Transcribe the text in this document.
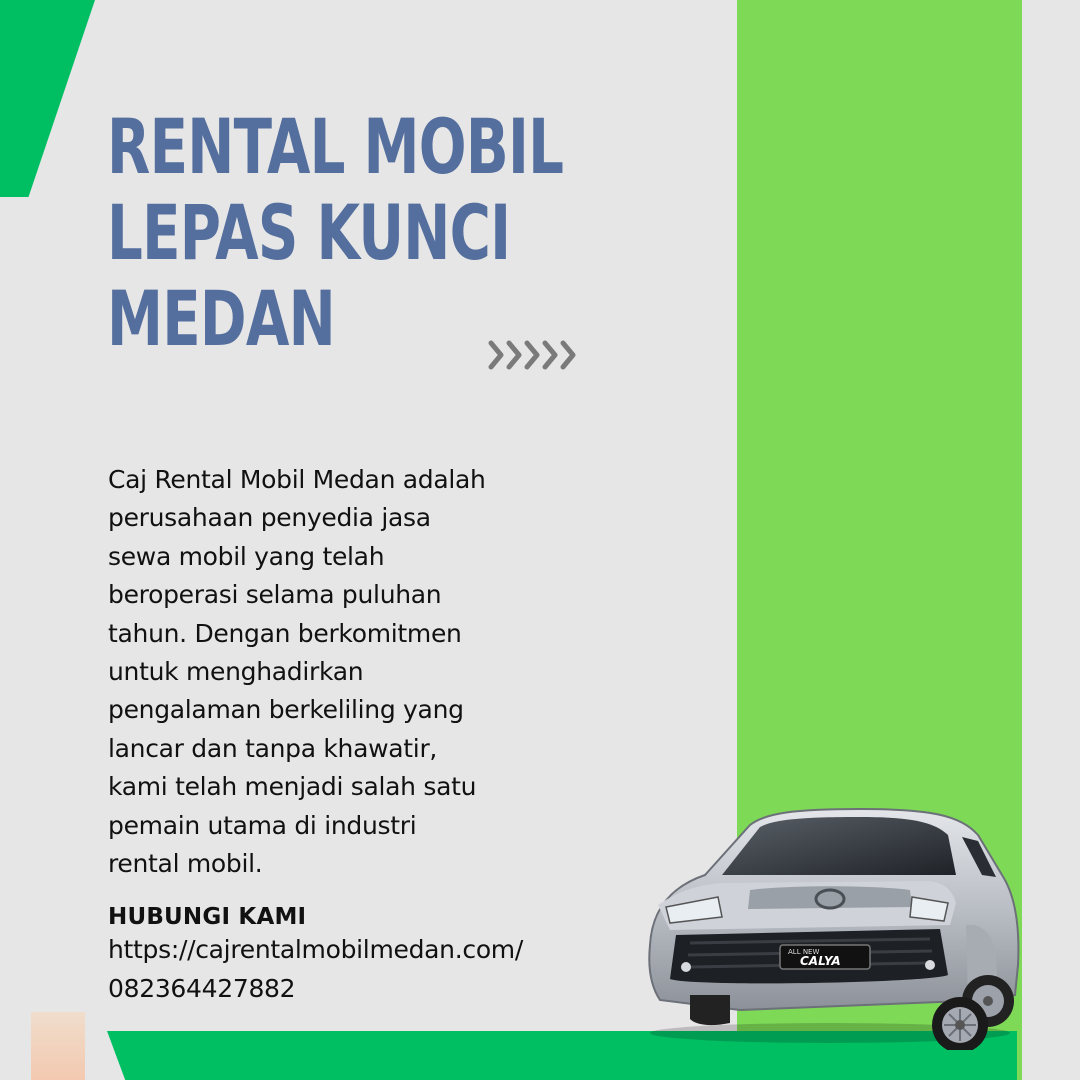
RENTAL MOBIL
LEPAS KUNCI
MEDAN

Caj Rental Mobil Medan adalah
perusahaan penyedia jasa
sewa mobil yang telah
beroperasi selama puluhan
tahun. Dengan berkomitmen
untuk menghadirkan
pengalaman berkeliling yang
lancar dan tanpa khawatir,
kami telah menjadi salah satu
pemain utama di industri
rental mobil.

HUBUNGI KAMI

https://cajrentalmobilmedan.com/

082364427882

ALL NEW
CALYA
